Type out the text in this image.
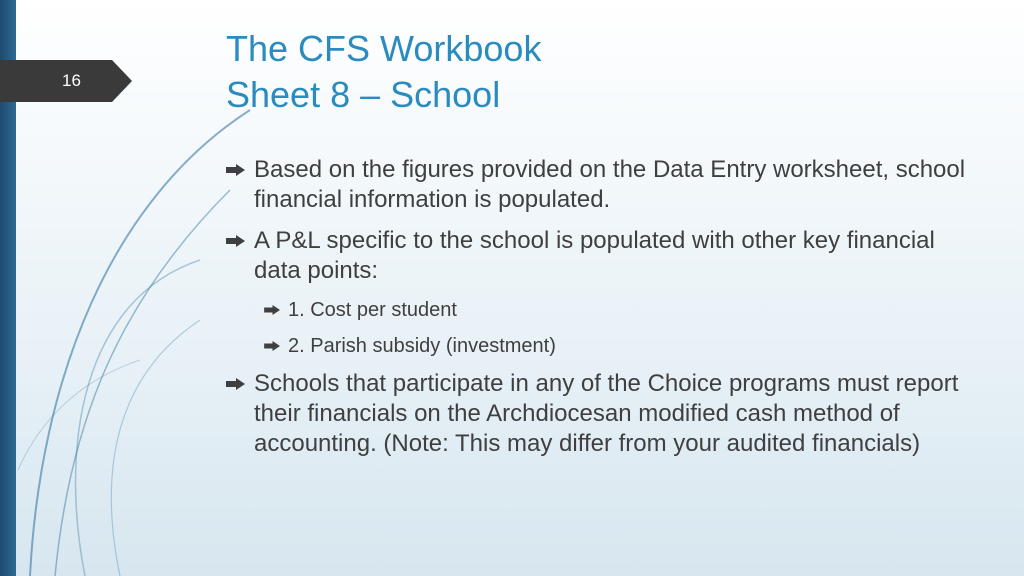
16
The CFS Workbook
Sheet 8 – School
Based on the figures provided on the Data Entry worksheet, school financial information is populated.
A P&L specific to the school is populated with other key financial data points:
1. Cost per student
2. Parish subsidy (investment)
Schools that participate in any of the Choice programs must report their financials on the Archdiocesan modified cash method of accounting. (Note: This may differ from your audited financials)
